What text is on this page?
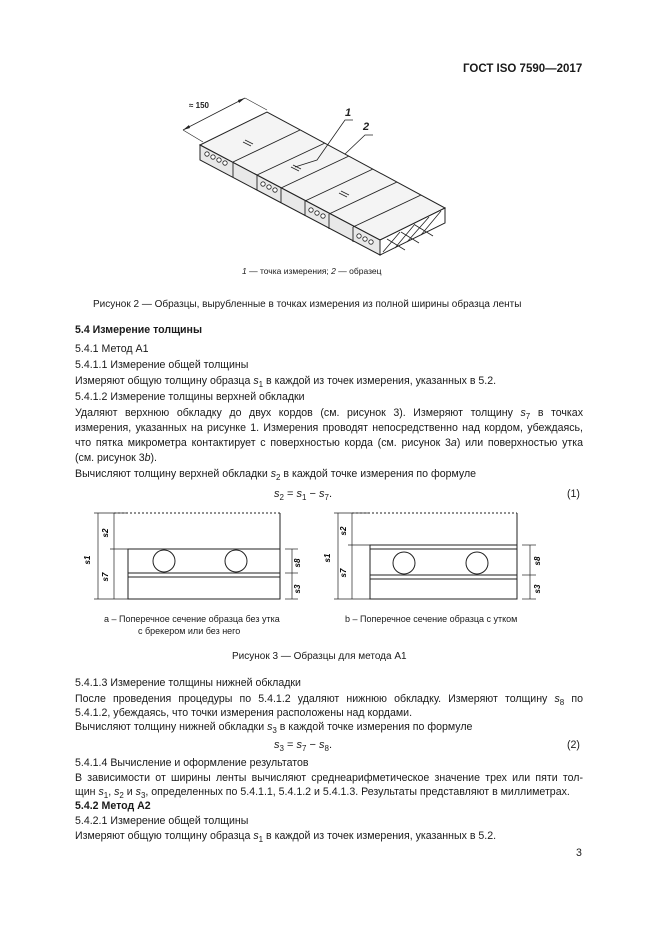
ГОСТ ISO 7590—2017
≈ 150
1
2
1 — точка измерения; 2 — образец
Рисунок 2 — Образцы, вырубленные в точках измерения из полной ширины образца ленты
5.4 Измерение толщины
5.4.1 Метод А1
5.4.1.1 Измерение общей толщины
Измеряют общую толщину образца $s_1$ в каждой из точек измерения, указанных в 5.2.
5.4.1.2 Измерение толщины верхней обкладки
Удаляют верхнюю обкладку до двух кордов (см. рисунок 3). Измеряют толщину $s_7$ в точках
измерения, указанных на рисунке 1. Измерения проводят непосредственно над кордом, убеждаясь,
что пятка микрометра контактирует с поверхностью корда (см. рисунок 3a) или поверхностью утка
(см. рисунок 3b).
Вычисляют толщину верхней обкладки $s_2$ в каждой точке измерения по формуле
$s_2 = s_1 - s_7$.	(1)
s1
s2
s7
s8
s3
s1
s2
s7
s8
s3
a – Поперечное сечение образца без утка
с брекером или без него
b – Поперечное сечение образца с утком
Рисунок 3 — Образцы для метода А1
5.4.1.3 Измерение толщины нижней обкладки
После проведения процедуры по 5.4.1.2 удаляют нижнюю обкладку. Измеряют толщину $s_8$ по
5.4.1.2, убеждаясь, что точки измерения расположены над кордами.
Вычисляют толщину нижней обкладки $s_3$ в каждой точке измерения по формуле
$s_3 = s_7 - s_8$.	(2)
5.4.1.4 Вычисление и оформление результатов
В зависимости от ширины ленты вычисляют среднеарифметическое значение трех или пяти тол-
щин $s_1$, $s_2$ и $s_3$, определенных по 5.4.1.1, 5.4.1.2 и 5.4.1.3. Результаты представляют в миллиметрах.
5.4.2 Метод А2
5.4.2.1 Измерение общей толщины
Измеряют общую толщину образца $s_1$ в каждой из точек измерения, указанных в 5.2.
3
